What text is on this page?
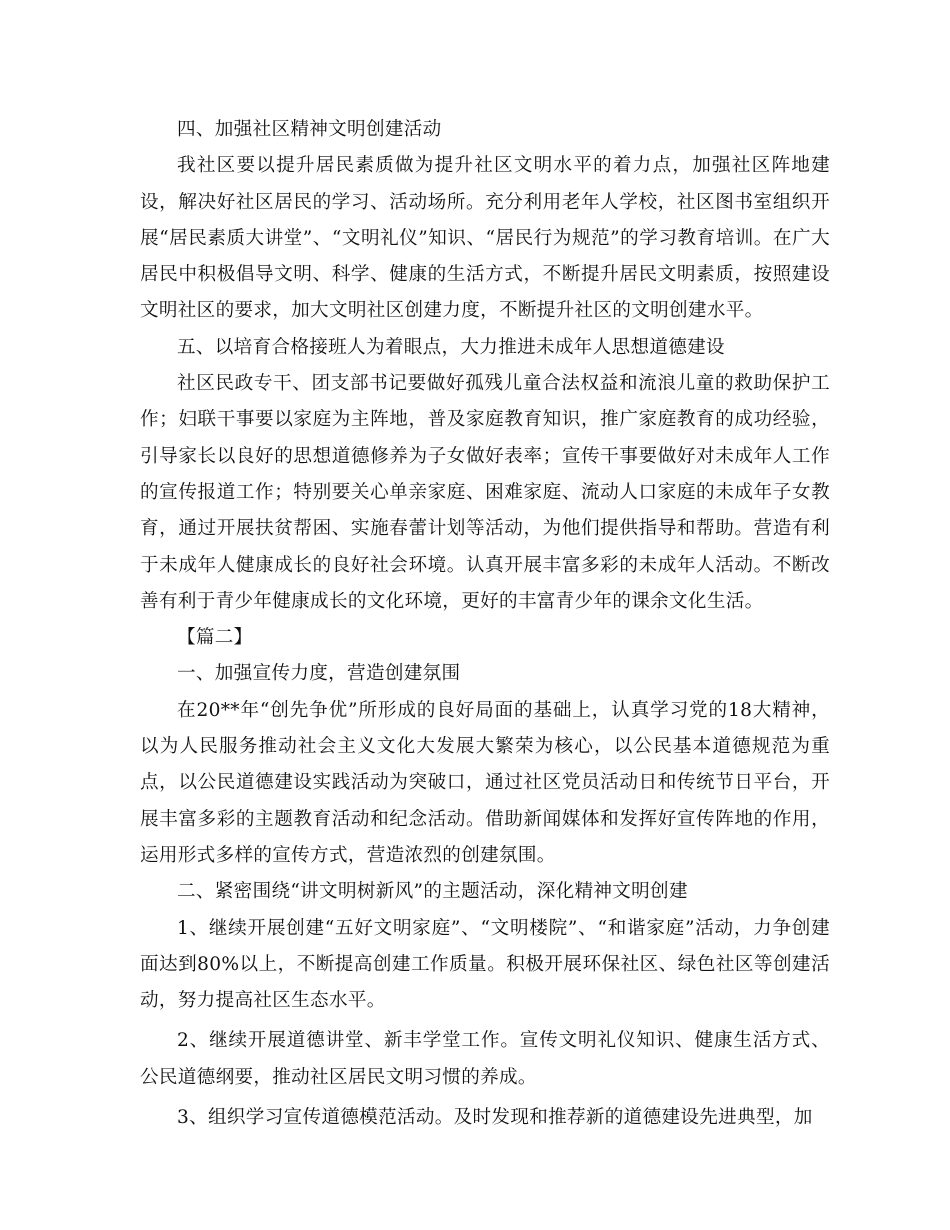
四、加强社区精神文明创建活动

我社区要以提升居民素质做为提升社区文明水平的着力点，加强社区阵地建设，解决好社区居民的学习、活动场所。充分利用老年人学校，社区图书室组织开展“居民素质大讲堂”、“文明礼仪”知识、“居民行为规范”的学习教育培训。在广大居民中积极倡导文明、科学、健康的生活方式，不断提升居民文明素质，按照建设文明社区的要求，加大文明社区创建力度，不断提升社区的文明创建水平。

五、以培育合格接班人为着眼点，大力推进未成年人思想道德建设

社区民政专干、团支部书记要做好孤残儿童合法权益和流浪儿童的救助保护工作；妇联干事要以家庭为主阵地，普及家庭教育知识，推广家庭教育的成功经验，引导家长以良好的思想道德修养为子女做好表率；宣传干事要做好对未成年人工作的宣传报道工作；特别要关心单亲家庭、困难家庭、流动人口家庭的未成年子女教育，通过开展扶贫帮困、实施春蕾计划等活动，为他们提供指导和帮助。营造有利于未成年人健康成长的良好社会环境。认真开展丰富多彩的未成年人活动。不断改善有利于青少年健康成长的文化环境，更好的丰富青少年的课余文化生活。

【篇二】

一、加强宣传力度，营造创建氛围

在20**年“创先争优”所形成的良好局面的基础上，认真学习党的18大精神，以为人民服务推动社会主义文化大发展大繁荣为核心，以公民基本道德规范为重点，以公民道德建设实践活动为突破口，通过社区党员活动日和传统节日平台，开展丰富多彩的主题教育活动和纪念活动。借助新闻媒体和发挥好宣传阵地的作用，运用形式多样的宣传方式，营造浓烈的创建氛围。

二、紧密围绕“讲文明树新风”的主题活动，深化精神文明创建

1、继续开展创建“五好文明家庭”、“文明楼院”、“和谐家庭”活动，力争创建面达到80%以上，不断提高创建工作质量。积极开展环保社区、绿色社区等创建活动，努力提高社区生态水平。

2、继续开展道德讲堂、新丰学堂工作。宣传文明礼仪知识、健康生活方式、公民道德纲要，推动社区居民文明习惯的养成。

3、组织学习宣传道德模范活动。及时发现和推荐新的道德建设先进典型，加
